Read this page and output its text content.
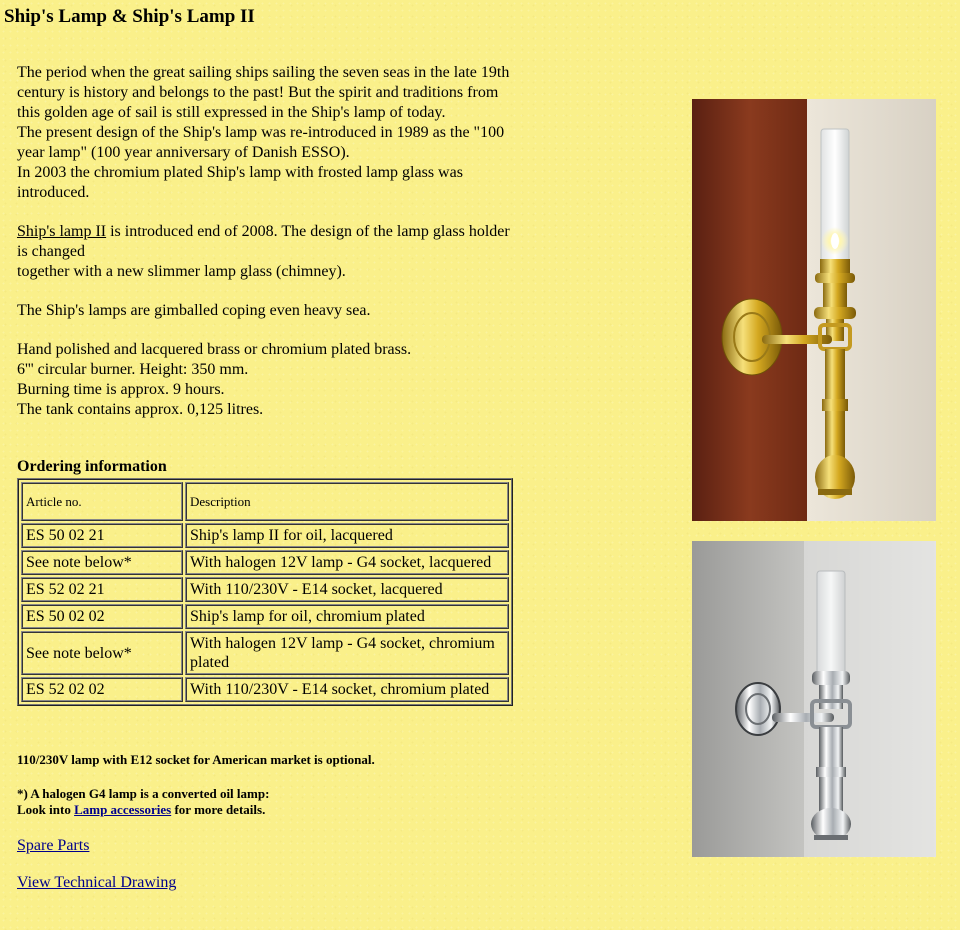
Ship's Lamp & Ship's Lamp II

The period when the great sailing ships sailing the seven seas in the late 19th century is history and belongs to the past! But the spirit and traditions from this golden age of sail is still expressed in the Ship's lamp of today.

The present design of the Ship's lamp was re-introduced in 1989 as the "100 year lamp" (100 year anniversary of Danish ESSO).

In 2003 the chromium plated Ship's lamp with frosted lamp glass was introduced.

Ship's lamp II is introduced end of 2008. The design of the lamp glass holder is changed

together with a new slimmer lamp glass (chimney).

The Ship's lamps are gimballed coping even heavy sea.

Hand polished and lacquered brass or chromium plated brass.

6''' circular burner. Height: 350 mm.

Burning time is approx. 9 hours.

The tank contains approx. 0,125 litres.

Ordering information
Article no.	Description
ES 50 02 21	Ship's lamp II for oil, lacquered
See note below*	With halogen 12V lamp - G4 socket, lacquered
ES 52 02 21	With 110/230V - E14 socket, lacquered
ES 50 02 02	Ship's lamp for oil, chromium plated
See note below*	With halogen 12V lamp - G4 socket, chromium plated
ES 52 02 02	With 110/230V - E14 socket, chromium plated

110/230V lamp with E12 socket for American market is optional.

*) A halogen G4 lamp is a converted oil lamp:
Look into Lamp accessories for more details.

Spare Parts
View Technical Drawing
